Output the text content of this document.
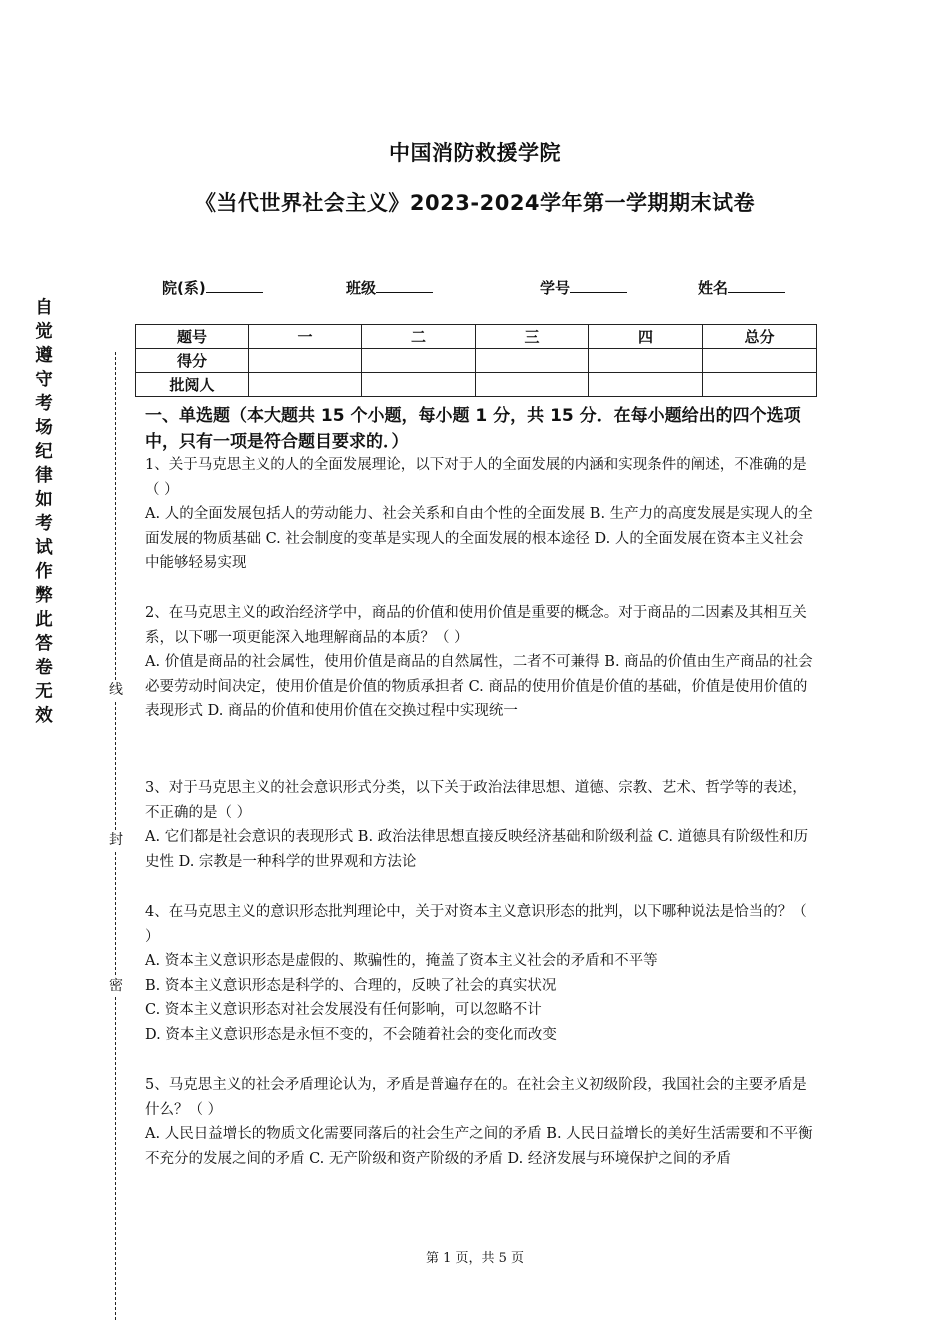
中国消防救援学院
《当代世界社会主义》2023-2024学年第一学期期末试卷
院(系)	班级	学号	姓名
题号	一	二	三	四	总分
得分					
批阅人					
自觉遵守考场纪律如考试作弊此答卷无效
线
封
密
一、单选题（本大题共 15 个小题，每小题 1 分，共 15 分．在每小题给出的四个选项中，只有一项是符合题目要求的．）

1、关于马克思主义的人的全面发展理论，以下对于人的全面发展的内涵和实现条件的阐述，不准确的是（ ）

A. 人的全面发展包括人的劳动能力、社会关系和自由个性的全面发展 B. 生产力的高度发展是实现人的全面发展的物质基础 C. 社会制度的变革是实现人的全面发展的根本途径 D. 人的全面发展在资本主义社会中能够轻易实现

2、在马克思主义的政治经济学中，商品的价值和使用价值是重要的概念。对于商品的二因素及其相互关系，以下哪一项更能深入地理解商品的本质？（ ）

A. 价值是商品的社会属性，使用价值是商品的自然属性，二者不可兼得 B. 商品的价值由生产商品的社会必要劳动时间决定，使用价值是价值的物质承担者 C. 商品的使用价值是价值的基础，价值是使用价值的表现形式 D. 商品的价值和使用价值在交换过程中实现统一

3、对于马克思主义的社会意识形式分类，以下关于政治法律思想、道德、宗教、艺术、哲学等的表述，不正确的是（ ）

A. 它们都是社会意识的表现形式 B. 政治法律思想直接反映经济基础和阶级利益 C. 道德具有阶级性和历史性 D. 宗教是一种科学的世界观和方法论

4、在马克思主义的意识形态批判理论中，关于对资本主义意识形态的批判，以下哪种说法是恰当的？（ ）

A. 资本主义意识形态是虚假的、欺骗性的，掩盖了资本主义社会的矛盾和不平等

B. 资本主义意识形态是科学的、合理的，反映了社会的真实状况

C. 资本主义意识形态对社会发展没有任何影响，可以忽略不计

D. 资本主义意识形态是永恒不变的，不会随着社会的变化而改变

5、马克思主义的社会矛盾理论认为，矛盾是普遍存在的。在社会主义初级阶段，我国社会的主要矛盾是什么？（ ）

A. 人民日益增长的物质文化需要同落后的社会生产之间的矛盾 B. 人民日益增长的美好生活需要和不平衡不充分的发展之间的矛盾 C. 无产阶级和资产阶级的矛盾 D. 经济发展与环境保护之间的矛盾

第 1 页，共 5 页
